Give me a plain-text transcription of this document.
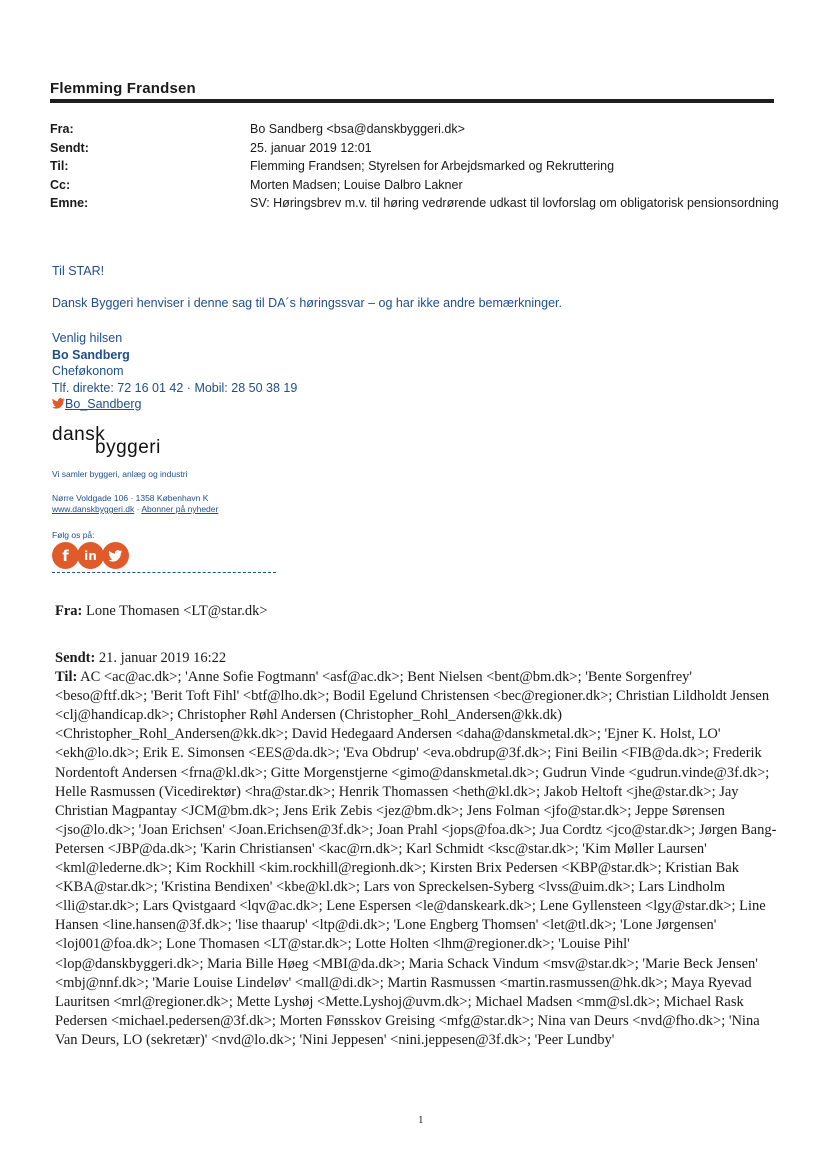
Flemming Frandsen
Fra:	Bo Sandberg <bsa@danskbyggeri.dk>
Sendt:	25. januar 2019 12:01
Til:	Flemming Frandsen; Styrelsen for Arbejdsmarked og Rekruttering
Cc:	Morten Madsen; Louise Dalbro Lakner
Emne:	SV: Høringsbrev m.v. til høring vedrørende udkast til lovforslag om obligatorisk pensionsordning
Til STAR!
Dansk Byggeri henviser i denne sag til DA´s høringssvar – og har ikke andre bemærkninger.
Venlig hilsen
Bo Sandberg
Cheføkonom
Tlf. direkte: 72 16 01 42 · Mobil: 28 50 38 19
Bo_Sandberg
dansk
byggeri
Vi samler byggeri, anlæg og industri
Nørre Voldgade 106 · 1358 København K
www.danskbyggeri.dk · Abonner på nyheder
Følg os på:
f	in
Fra: Lone Thomasen <LT@star.dk>
Sendt: 21. januar 2019 16:22
Til: AC <ac@ac.dk>; 'Anne Sofie Fogtmann' <asf@ac.dk>; Bent Nielsen <bent@bm.dk>; 'Bente Sorgenfrey' <beso@ftf.dk>; 'Berit Toft Fihl' <btf@lho.dk>; Bodil Egelund Christensen <bec@regioner.dk>; Christian Lildholdt Jensen <clj@handicap.dk>; Christopher Røhl Andersen (Christopher_Rohl_Andersen@kk.dk) <Christopher_Rohl_Andersen@kk.dk>; David Hedegaard Andersen <daha@danskmetal.dk>; 'Ejner K. Holst, LO' <ekh@lo.dk>; Erik E. Simonsen <EES@da.dk>; 'Eva Obdrup' <eva.obdrup@3f.dk>; Fini Beilin <FIB@da.dk>; Frederik Nordentoft Andersen <frna@kl.dk>; Gitte Morgenstjerne <gimo@danskmetal.dk>; Gudrun Vinde <gudrun.vinde@3f.dk>; Helle Rasmussen (Vicedirektør) <hra@star.dk>; Henrik Thomassen <heth@kl.dk>; Jakob Heltoft <jhe@star.dk>; Jay Christian Magpantay <JCM@bm.dk>; Jens Erik Zebis <jez@bm.dk>; Jens Folman <jfo@star.dk>; Jeppe Sørensen <jso@lo.dk>; 'Joan Erichsen' <Joan.Erichsen@3f.dk>; Joan Prahl <jops@foa.dk>; Jua Cordtz <jco@star.dk>; Jørgen Bang-Petersen <JBP@da.dk>; 'Karin Christiansen' <kac@rn.dk>; Karl Schmidt <ksc@star.dk>; 'Kim Møller Laursen' <kml@lederne.dk>; Kim Rockhill <kim.rockhill@regionh.dk>; Kirsten Brix Pedersen <KBP@star.dk>; Kristian Bak <KBA@star.dk>; 'Kristina Bendixen' <kbe@kl.dk>; Lars von Spreckelsen-Syberg <lvss@uim.dk>; Lars Lindholm <lli@star.dk>; Lars Qvistgaard <lqv@ac.dk>; Lene Espersen <le@danskeark.dk>; Lene Gyllensteen <lgy@star.dk>; Line Hansen <line.hansen@3f.dk>; 'lise thaarup' <ltp@di.dk>; 'Lone Engberg Thomsen' <let@tl.dk>; 'Lone Jørgensen' <loj001@foa.dk>; Lone Thomasen <LT@star.dk>; Lotte Holten <lhm@regioner.dk>; 'Louise Pihl' <lop@danskbyggeri.dk>; Maria Bille Høeg <MBI@da.dk>; Maria Schack Vindum <msv@star.dk>; 'Marie Beck Jensen' <mbj@nnf.dk>; 'Marie Louise Lindeløv' <mall@di.dk>; Martin Rasmussen <martin.rasmussen@hk.dk>; Maya Ryevad Lauritsen <mrl@regioner.dk>; Mette Lyshøj <Mette.Lyshoj@uvm.dk>; Michael Madsen <mm@sl.dk>; Michael Rask Pedersen <michael.pedersen@3f.dk>; Morten Fønsskov Greising <mfg@star.dk>; Nina van Deurs <nvd@fho.dk>; 'Nina Van Deurs, LO (sekretær)' <nvd@lo.dk>; 'Nini Jeppesen' <nini.jeppesen@3f.dk>; 'Peer Lundby'
1
